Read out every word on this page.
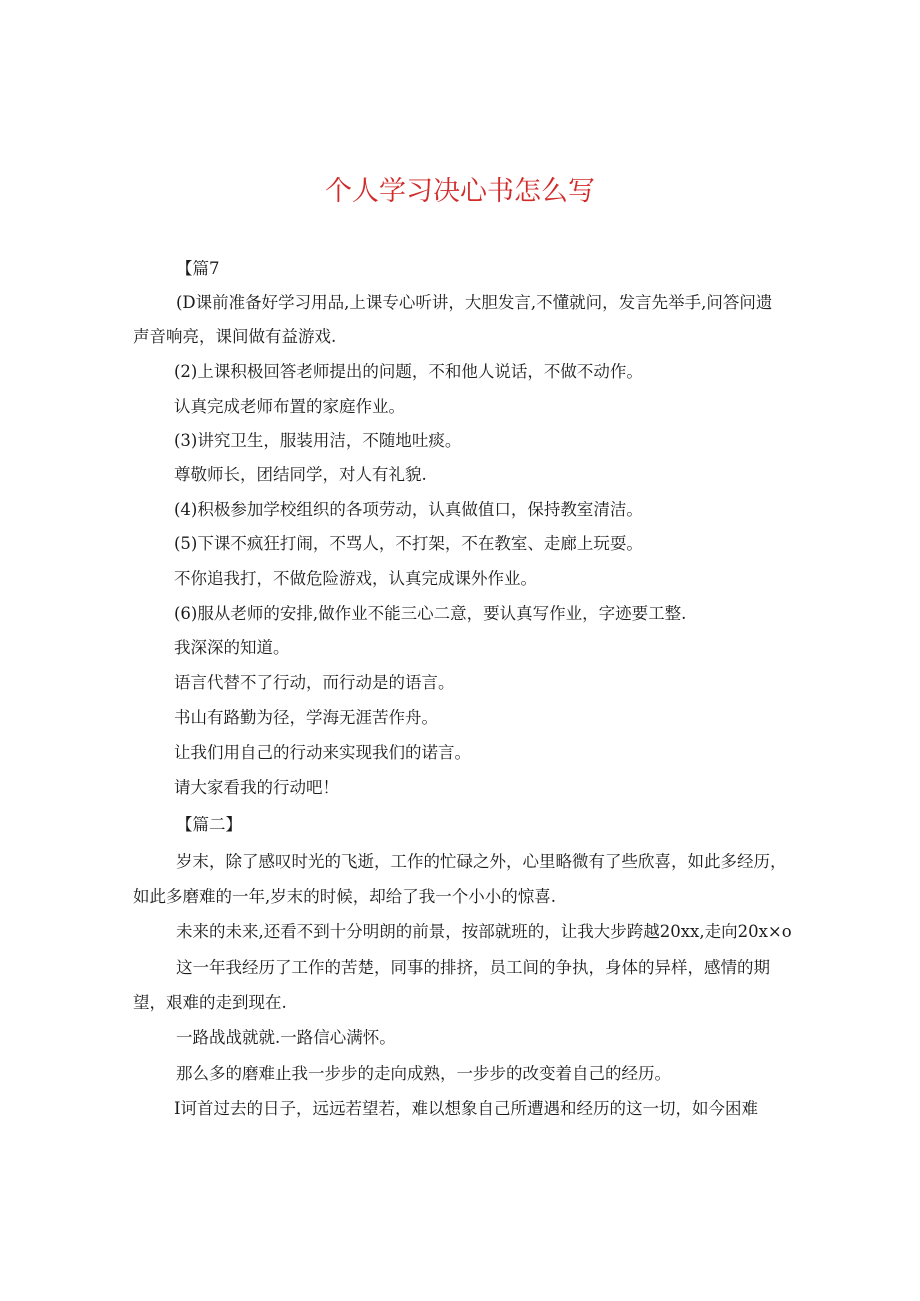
个人学习决心书怎么写

【篇7

(D课前准备好学习用品,上课专心听讲，大胆发言,不懂就问，发言先举手,问答问遗

声音响亮，课间做有益游戏.

(2)上课积极回答老师提出的问题，不和他人说话，不做不动作。

认真完成老师布置的家庭作业。

(3)讲究卫生，服装用洁，不随地吐痰。

尊敬师长，团结同学，对人有礼貌.

(4)积极参加学校组织的各项劳动，认真做值口，保持教室清洁。

(5)下课不疯狂打闹，不骂人，不打架，不在教室、走廊上玩耍。

不你追我打，不做危险游戏，认真完成课外作业。

(6)服从老师的安排,做作业不能三心二意，要认真写作业，字迹要工整.

我深深的知道。

语言代替不了行动，而行动是的语言。

书山有路勤为径，学海无涯苦作舟。

让我们用自己的行动来实现我们的诺言。

请大家看我的行动吧！

【篇二】

岁末，除了感叹时光的飞逝，工作的忙碌之外，心里略微有了些欣喜，如此多经历，

如此多磨难的一年,岁末的时候，却给了我一个小小的惊喜.

未来的未来,还看不到十分明朗的前景，按部就班的，让我大步跨越20xx,走向20x×o

这一年我经历了工作的苦楚，同事的排挤，员工间的争执，身体的异样，感情的期

望，艰难的走到现在.

一路战战就就.一路信心满怀。

那么多的磨难止我一步步的走向成熟，一步步的改变着自己的经历。

I诃首过去的日子，远远若望若，难以想象自己所遭遇和经历的这一切，如今困难
